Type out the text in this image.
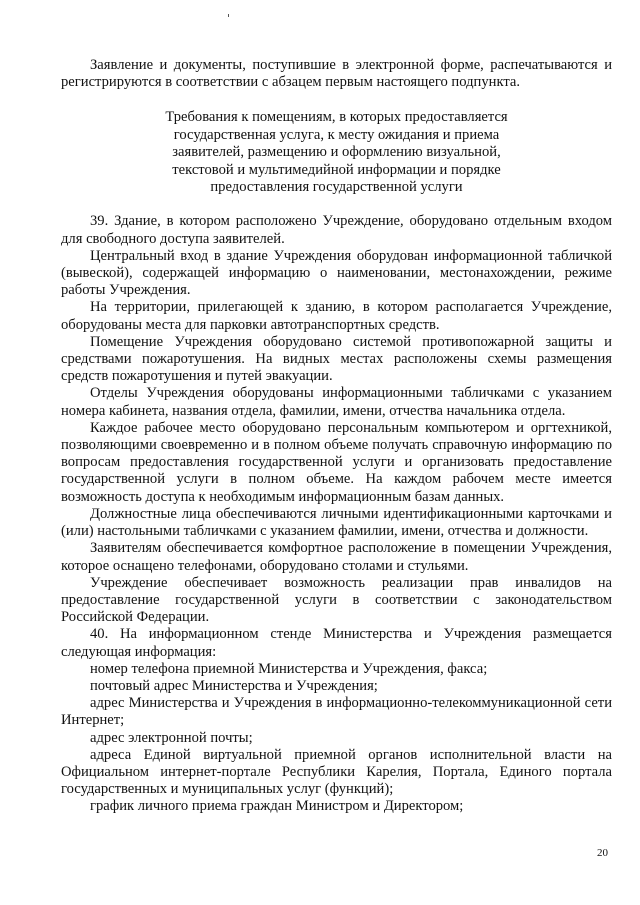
Заявление и документы, поступившие в электронной форме, распечатываются и регистрируются в соответствии с абзацем первым настоящего подпункта.

Требования к помещениям, в которых предоставляется
государственная услуга, к месту ожидания и приема
заявителей, размещению и оформлению визуальной,
текстовой и мультимедийной информации и порядке
предоставления государственной услуги

39. Здание, в котором расположено Учреждение, оборудовано отдельным входом для свободного доступа заявителей.

Центральный вход в здание Учреждения оборудован информационной табличкой (вывеской), содержащей информацию о наименовании, местонахождении, режиме работы Учреждения.

На территории, прилегающей к зданию, в котором располагается Учреждение, оборудованы места для парковки автотранспортных средств.

Помещение Учреждения оборудовано системой противопожарной защиты и средствами пожаротушения. На видных местах расположены схемы размещения средств пожаротушения и путей эвакуации.

Отделы Учреждения оборудованы информационными табличками с указанием номера кабинета, названия отдела, фамилии, имени, отчества начальника отдела.

Каждое рабочее место оборудовано персональным компьютером и оргтехникой, позволяющими своевременно и в полном объеме получать справочную информацию по вопросам предоставления государственной услуги и организовать предоставление государственной услуги в полном объеме. На каждом рабочем месте имеется возможность доступа к необходимым информационным базам данных.

Должностные лица обеспечиваются личными идентификационными карточками и (или) настольными табличками с указанием фамилии, имени, отчества и должности.

Заявителям обеспечивается комфортное расположение в помещении Учреждения, которое оснащено телефонами, оборудовано столами и стульями.

Учреждение обеспечивает возможность реализации прав инвалидов на предоставление государственной услуги в соответствии с законодательством Российской Федерации.

40. На информационном стенде Министерства и Учреждения размещается следующая информация:

номер телефона приемной Министерства и Учреждения, факса;

почтовый адрес Министерства и Учреждения;

адрес Министерства и Учреждения в информационно-телекоммуникационной сети Интернет;

адрес электронной почты;

адреса Единой виртуальной приемной органов исполнительной власти на Официальном интернет-портале Республики Карелия, Портала, Единого портала государственных и муниципальных услуг (функций);

график личного приема граждан Министром и Директором;

20
